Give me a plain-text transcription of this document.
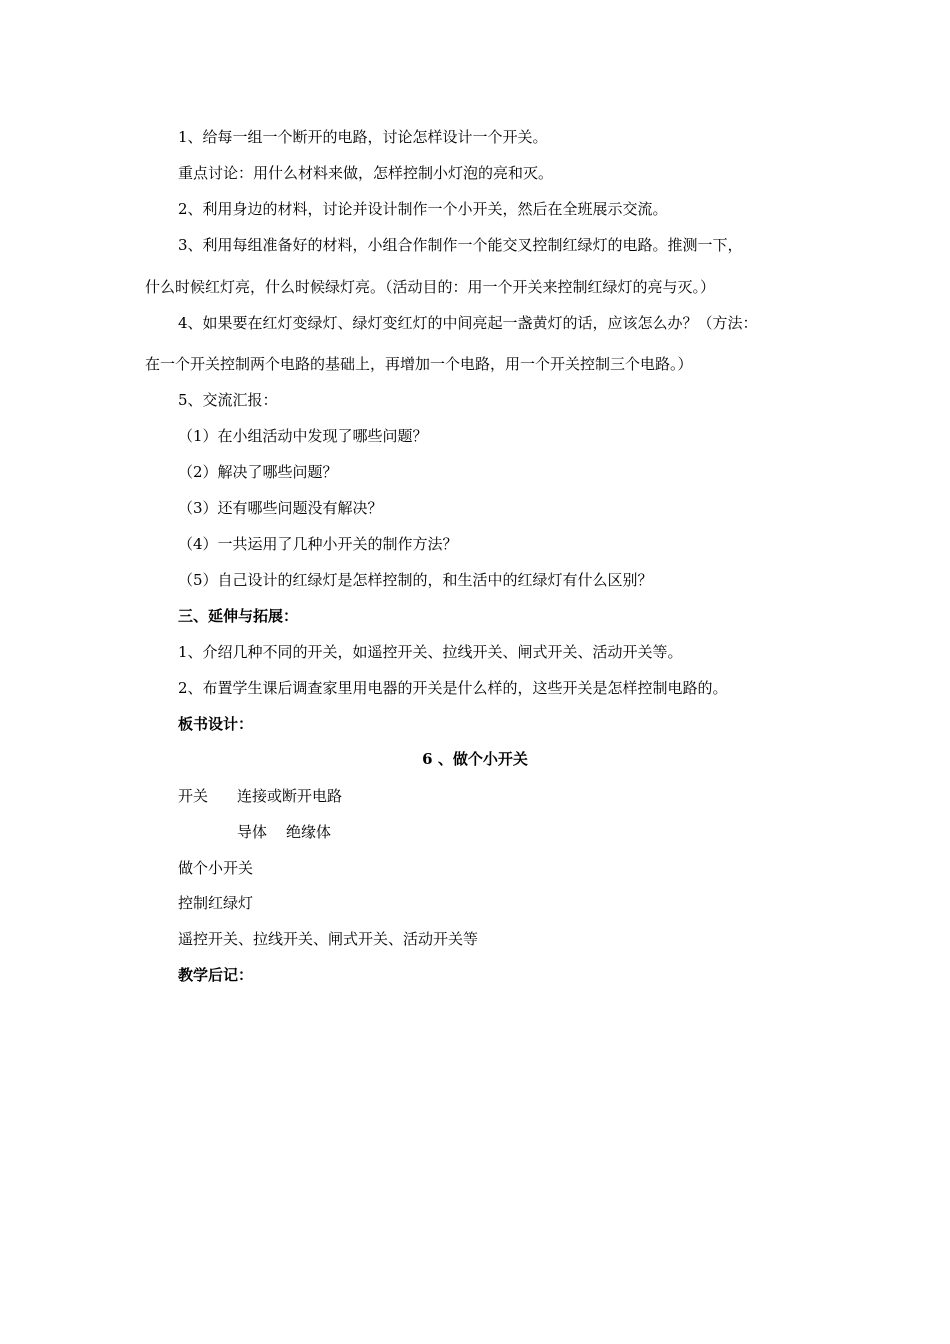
1、给每一组一个断开的电路，讨论怎样设计一个开关。
重点讨论：用什么材料来做，怎样控制小灯泡的亮和灭。
2、利用身边的材料，讨论并设计制作一个小开关，然后在全班展示交流。
3、利用每组准备好的材料，小组合作制作一个能交叉控制红绿灯的电路。推测一下，
什么时候红灯亮，什么时候绿灯亮。（活动目的：用一个开关来控制红绿灯的亮与灭。）
4、如果要在红灯变绿灯、绿灯变红灯的中间亮起一盏黄灯的话，应该怎么办？（方法：
在一个开关控制两个电路的基础上，再增加一个电路，用一个开关控制三个电路。）
5、交流汇报：
（1）在小组活动中发现了哪些问题？
（2）解决了哪些问题？
（3）还有哪些问题没有解决？
（4）一共运用了几种小开关的制作方法？
（5）自己设计的红绿灯是怎样控制的，和生活中的红绿灯有什么区别？
三、延伸与拓展：
1、介绍几种不同的开关，如遥控开关、拉线开关、闸式开关、活动开关等。
2、布置学生课后调查家里用电器的开关是什么样的，这些开关是怎样控制电路的。
板书设计：
6 、做个小开关
开关 连接或断开电路
导体 绝缘体
做个小开关
控制红绿灯
遥控开关、拉线开关、闸式开关、活动开关等
教学后记：
